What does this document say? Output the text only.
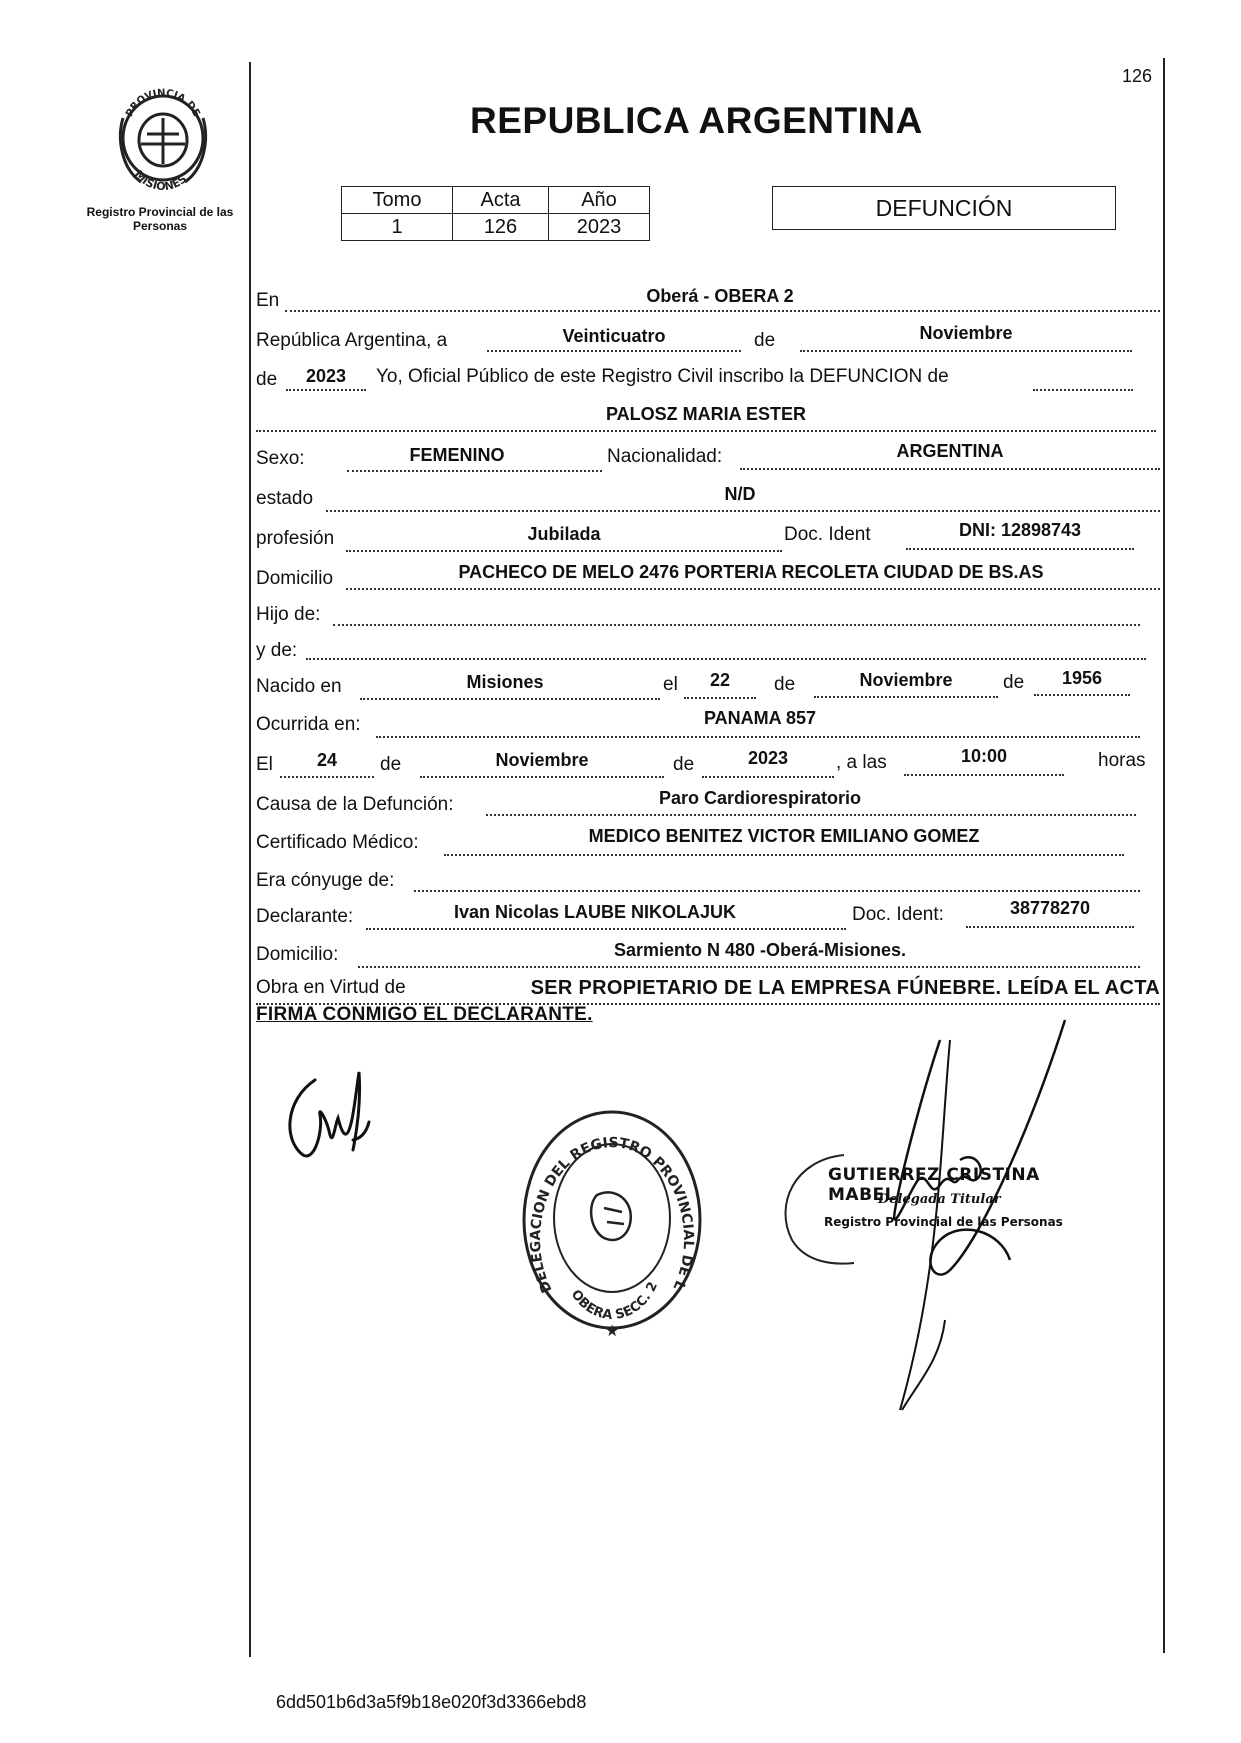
126
PROVINCIA DE
MISIONES
Registro Provincial de las Personas
REPUBLICA ARGENTINA
Tomo	Acta	Año
1	126	2023
DEFUNCIÓN
En	Oberá - OBERA 2
República Argentina, a	Veinticuatro	de	Noviembre
de	2023	Yo, Oficial Público de este Registro Civil inscribo la DEFUNCION de
PALOSZ MARIA ESTER
Sexo:	FEMENINO	Nacionalidad:	ARGENTINA
estado	N/D
profesión	Jubilada	Doc. Ident	DNI: 12898743
Domicilio	PACHECO DE MELO 2476 PORTERIA RECOLETA CIUDAD DE BS.AS
Hijo de:
y de:
Nacido en	Misiones	el	22	de	Noviembre	de	1956
Ocurrida en:	PANAMA 857
El	24	de	Noviembre	de	2023	, a las	10:00	horas
Causa de la Defunción:	Paro Cardiorespiratorio
Certificado Médico:	MEDICO BENITEZ VICTOR EMILIANO GOMEZ
Era cónyuge de:
Declarante:	Ivan Nicolas LAUBE NIKOLAJUK	Doc. Ident:	38778270
Domicilio:	Sarmiento N 480 -Oberá-Misiones.
Obra en Virtud de	SER PROPIETARIO DE LA EMPRESA FÚNEBRE. LEÍDA EL ACTA
FIRMA CONMIGO EL DECLARANTE.
DELEGACION DEL REGISTRO PROVINCIAL DE L
OBERA SECC. 2
★
GUTIERREZ CRISTINA MABEL
Delegada Titular
Registro Provincial de las Personas
6dd501b6d3a5f9b18e020f3d3366ebd8
